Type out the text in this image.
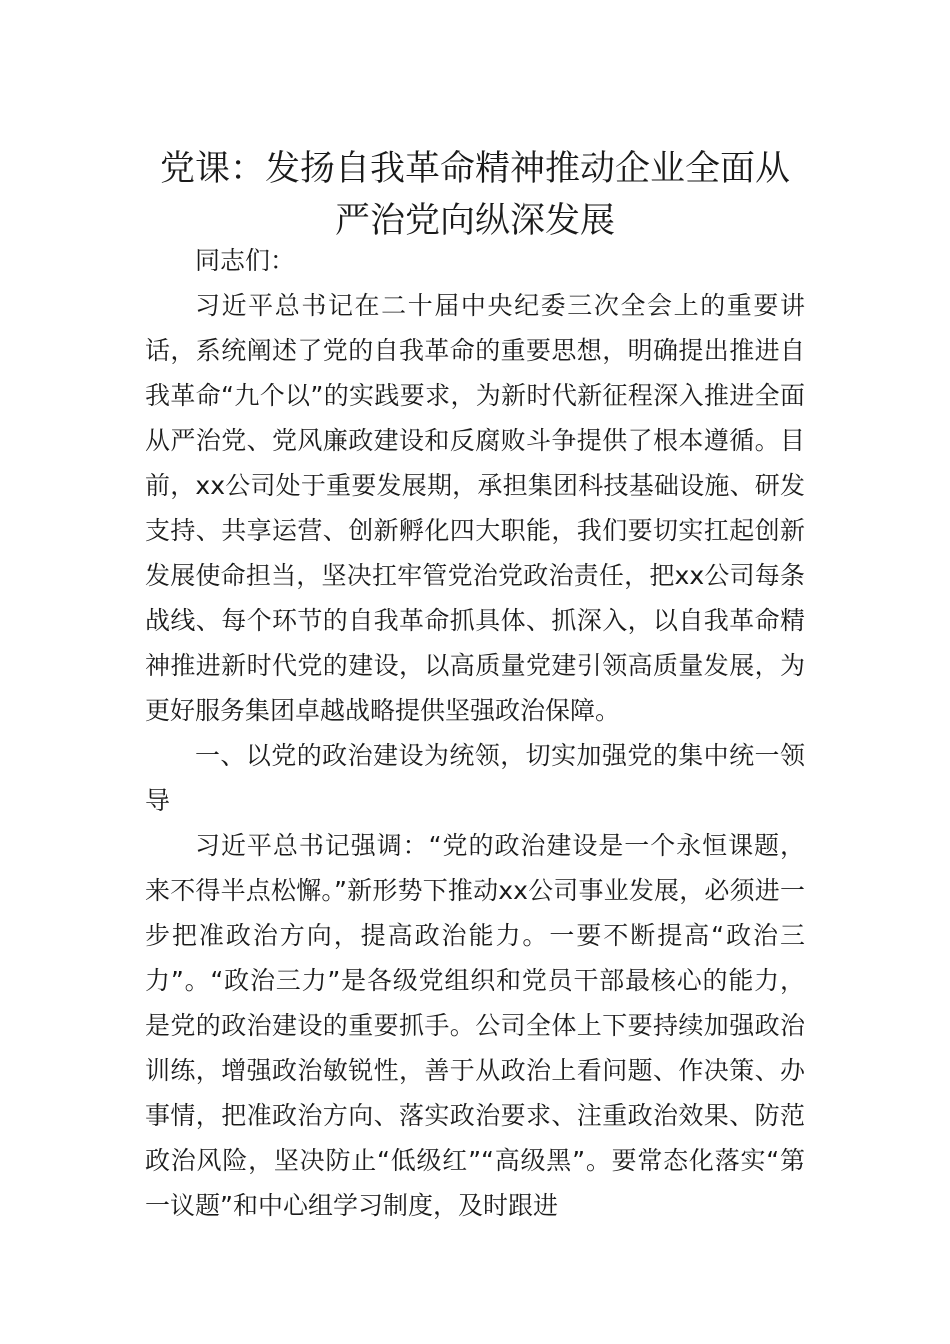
党课：发扬自我革命精神推动企业全面从
严治党向纵深发展

同志们：

习近平总书记在二十届中央纪委三次全会上的重要讲话，系统阐述了党的自我革命的重要思想，明确提出推进自我革命“九个以”的实践要求，为新时代新征程深入推进全面从严治党、党风廉政建设和反腐败斗争提供了根本遵循。目前，xx公司处于重要发展期，承担集团科技基础设施、研发支持、共享运营、创新孵化四大职能，我们要切实扛起创新发展使命担当，坚决扛牢管党治党政治责任，把xx公司每条战线、每个环节的自我革命抓具体、抓深入，以自我革命精神推进新时代党的建设，以高质量党建引领高质量发展，为更好服务集团卓越战略提供坚强政治保障。

一、以党的政治建设为统领，切实加强党的集中统一领导

习近平总书记强调：“党的政治建设是一个永恒课题，来不得半点松懈。”新形势下推动xx公司事业发展，必须进一步把准政治方向，提高政治能力。一要不断提高“政治三力”。“政治三力”是各级党组织和党员干部最核心的能力，是党的政治建设的重要抓手。公司全体上下要持续加强政治训练，增强政治敏锐性，善于从政治上看问题、作决策、办事情，把准政治方向、落实政治要求、注重政治效果、防范政治风险，坚决防止“低级红”“高级黑”。要常态化落实“第一议题”和中心组学习制度，及时跟进
